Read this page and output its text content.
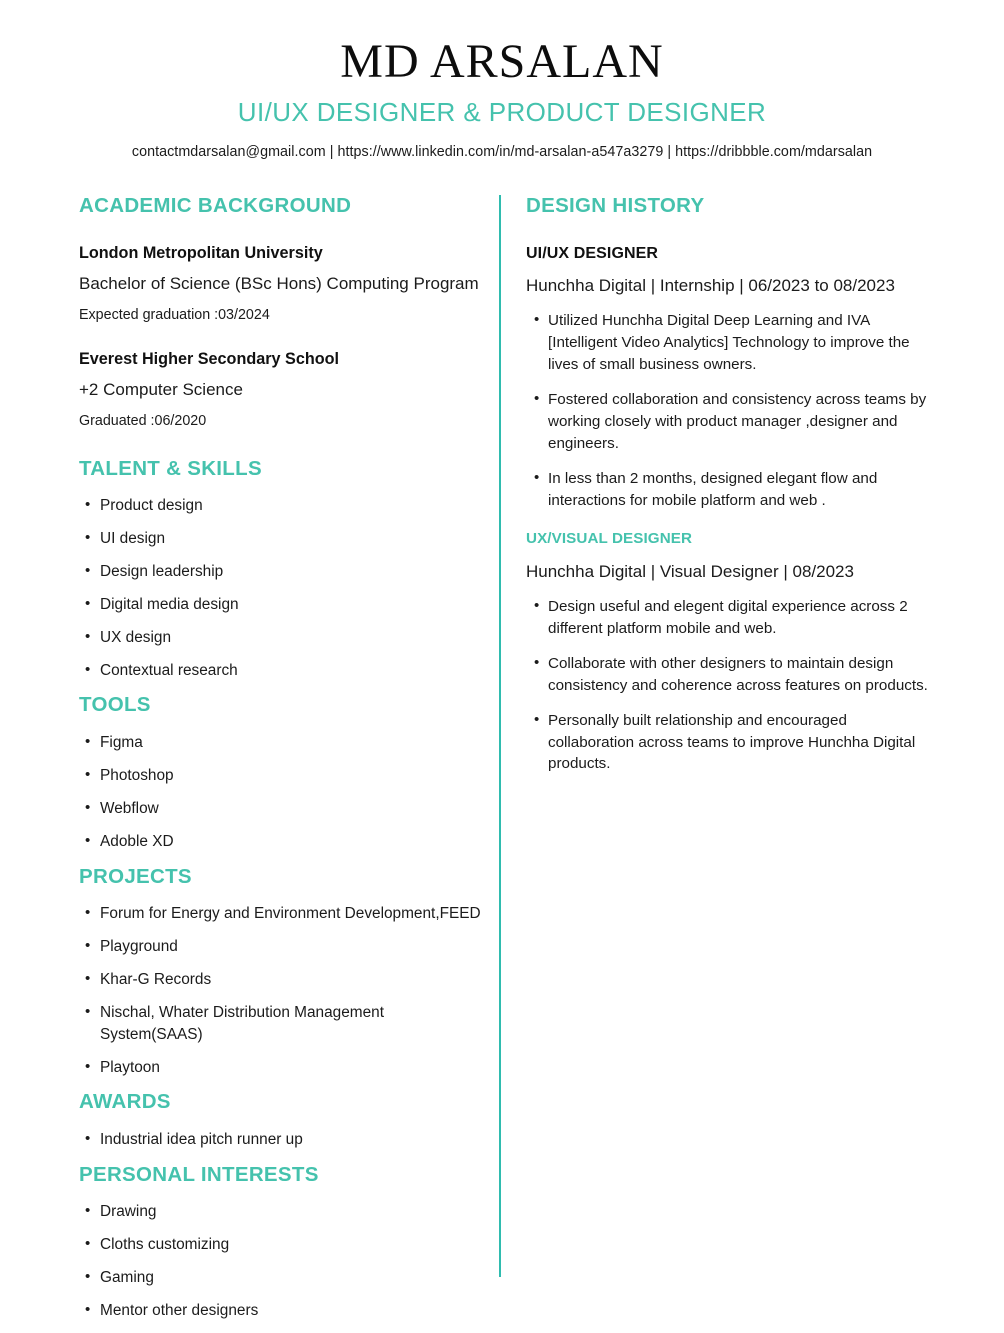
MD ARSALAN
UI/UX DESIGNER & PRODUCT DESIGNER
contactmdarsalan@gmail.com | https://www.linkedin.com/in/md-arsalan-a547a3279 | https://dribbble.com/mdarsalan
ACADEMIC BACKGROUND
London Metropolitan University
Bachelor of Science (BSc Hons) Computing Program
Expected graduation :03/2024
Everest Higher Secondary School
+2 Computer Science
Graduated :06/2020
TALENT & SKILLS
• Product design
• UI design
• Design leadership
• Digital media design
• UX design
• Contextual research
TOOLS
• Figma
• Photoshop
• Webflow
• Adoble XD
PROJECTS
• Forum for Energy and Environment Development,FEED
• Playground
• Khar-G Records
• Nischal, Whater Distribution Management System(SAAS)
• Playtoon
AWARDS
• Industrial idea pitch runner up
PERSONAL INTERESTS
• Drawing
• Cloths customizing
• Gaming
• Mentor other designers
DESIGN HISTORY
UI/UX DESIGNER
Hunchha Digital | Internship | 06/2023 to 08/2023
• Utilized Hunchha Digital Deep Learning and IVA [Intelligent Video Analytics] Technology to improve the lives of small business owners.
• Fostered collaboration and consistency across teams by working closely with product manager ,designer and engineers.
• In less than 2 months, designed elegant flow and interactions for mobile platform and web .
UX/VISUAL DESIGNER
Hunchha Digital | Visual Designer | 08/2023
• Design useful and elegent digital experience across 2 different platform mobile and web.
• Collaborate with other designers to maintain design consistency and coherence across features on products.
• Personally built relationship and encouraged collaboration across teams to improve Hunchha Digital products.
